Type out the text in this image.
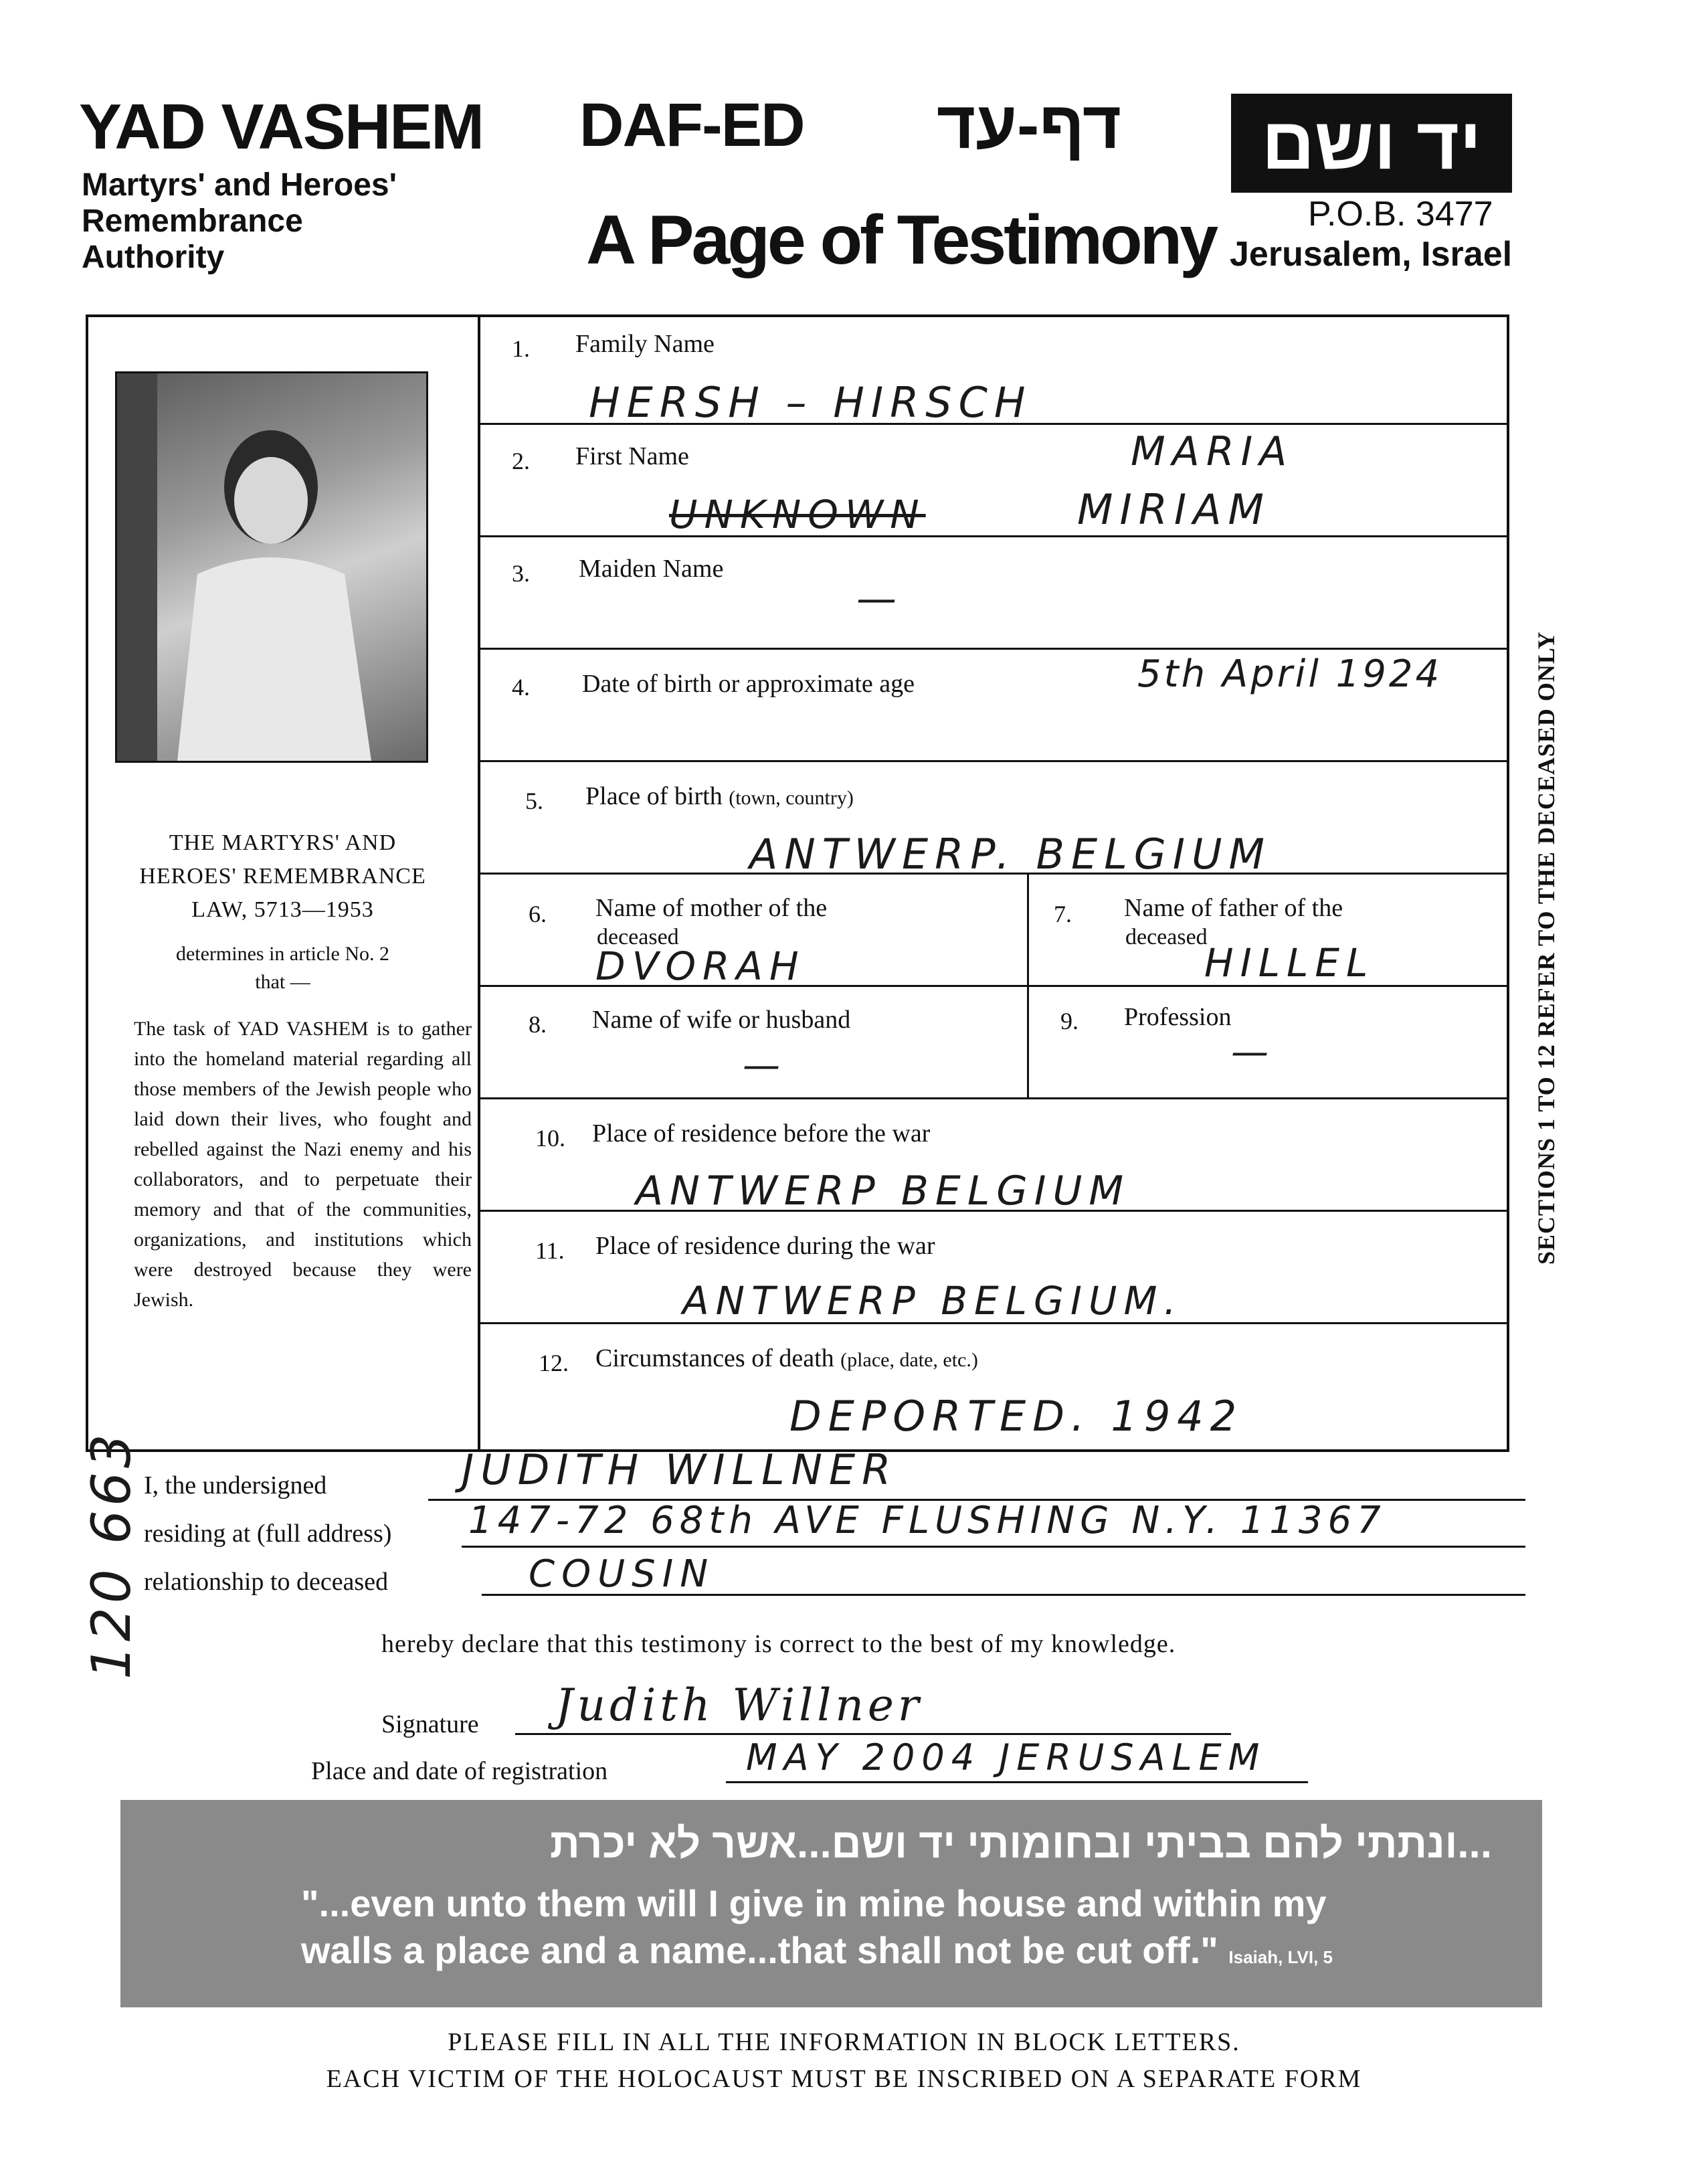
YAD VASHEM
Martyrs' and Heroes'
Remembrance
Authority
DAF-ED דף-עד
A Page of Testimony
יד ושם
P.O.B. 3477
Jerusalem, Israel
THE MARTYRS' AND
HEROES' REMEMBRANCE
LAW, 5713—1953
determines in article No. 2
that —
The task of YAD VASHEM is to gather into the homeland material regarding all those members of the Jewish people who laid down their lives, who fought and rebelled against the Nazi enemy and his collaborators, and to perpetuate their memory and that of the communities, organizations, and institutions which were destroyed because they were Jewish.
1. Family Name
HERSH – HIRSCH
2. First Name	MARIA
UNKNOWN	MIRIAM
3. Maiden Name
—
4. Date of birth or approximate age	5th April 1924
5. Place of birth (town, country)
ANTWERP. BELGIUM
6. Name of mother of the
deceased
DVORAH
7. Name of father of the
deceased
HILLEL
8. Name of wife or husband
—
9. Profession
—
10. Place of residence before the war
ANTWERP BELGIUM
11. Place of residence during the war
ANTWERP BELGIUM.
12. Circumstances of death (place, date, etc.)
DEPORTED. 1942
SECTIONS 1 TO 12 REFER TO THE DECEASED ONLY
120 663 I, the undersigned	JUDITH WILLNER
residing at (full address) 147-72 68th AVE FLUSHING N.Y. 11367
relationship to deceased	COUSIN
hereby declare that this testimony is correct to the best of my knowledge.
Signature Judith Willner
Place and date of registration	MAY 2004 JERUSALEM
...ונתתי להם בביתי ובחומותי יד ושם...אשר לא יכרת
"...even unto them will I give in mine house and within my
walls a place and a name...that shall not be cut off." Isaiah, LVI, 5
PLEASE FILL IN ALL THE INFORMATION IN BLOCK LETTERS.
EACH VICTIM OF THE HOLOCAUST MUST BE INSCRIBED ON A SEPARATE FORM
